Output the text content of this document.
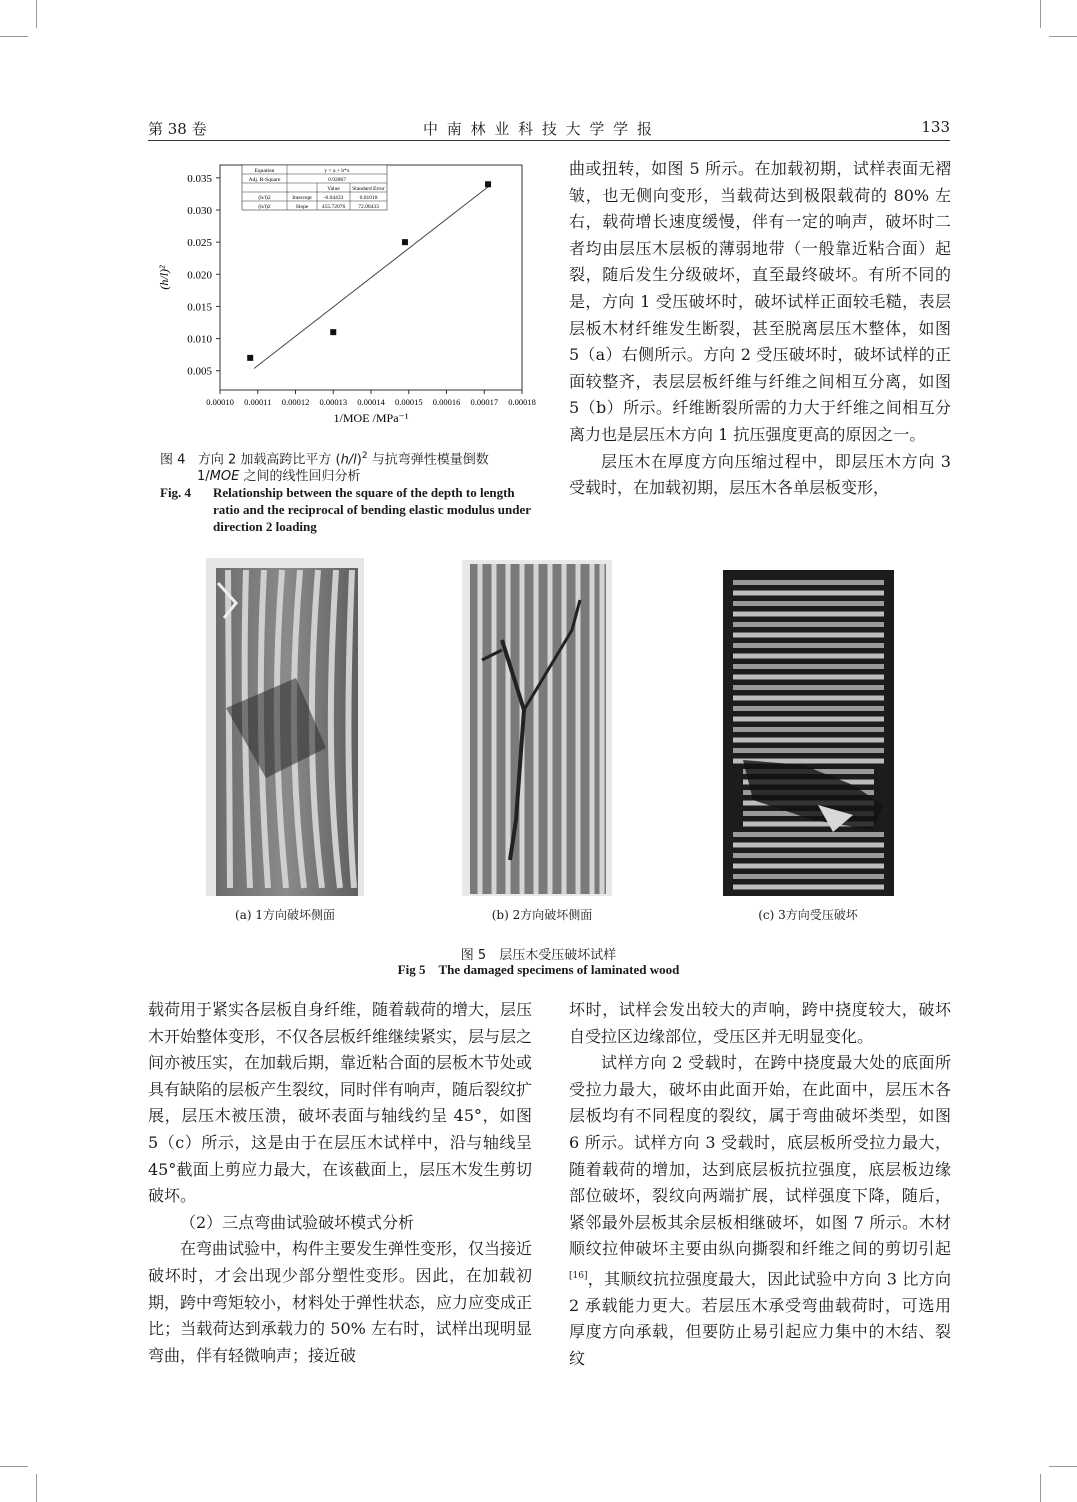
第 38 卷	中 南 林 业 科 技 大 学 学 报	133
0.00010 0.00011 0.00012 0.00013 0.00014 0.00015 0.00016 0.00017 0.00018
0.005
0.010
0.015
0.020
0.025
0.030
0.035
Equation	y = a + b*x
Adj. R-Square	0.92867
Value Standard Error
(h/l)2	Intercept -0.04433	0.01018
(h/l)2	Slope 455.72076 72.00433
1/MOE /MPa⁻¹
(h/l)²
图 4 方向 2 加载高跨比平方 $(h/l)^2$ 与抗弯弹性模量倒数
1/MOE 之间的线性回归分析
Fig. 4 Relationship between the square of the depth to length ratio and the reciprocal of bending elastic modulus under direction 2 loading

曲或扭转，如图 5 所示。在加载初期，试样表面无褶皱，也无侧向变形，当载荷达到极限载荷的 80% 左右，载荷增长速度缓慢，伴有一定的响声，破坏时二者均由层压木层板的薄弱地带（一般靠近粘合面）起裂，随后发生分级破坏，直至最终破坏。有所不同的是，方向 1 受压破坏时，破坏试样正面较毛糙，表层层板木材纤维发生断裂，甚至脱离层压木整体，如图 5（a）右侧所示。方向 2 受压破坏时，破坏试样的正面较整齐，表层层板纤维与纤维之间相互分离，如图 5（b）所示。纤维断裂所需的力大于纤维之间相互分离力也是层压木方向 1 抗压强度更高的原因之一。

层压木在厚度方向压缩过程中，即层压木方向 3 受载时，在加载初期，层压木各单层板变形，

(a) 1方向破坏侧面	(b) 2方向破坏侧面	(c) 3方向受压破坏
图 5　层压木受压破坏试样
Fig 5 The damaged specimens of laminated wood

载荷用于紧实各层板自身纤维，随着载荷的增大，层压木开始整体变形，不仅各层板纤维继续紧实，层与层之间亦被压实，在加载后期，靠近粘合面的层板木节处或具有缺陷的层板产生裂纹，同时伴有响声，随后裂纹扩展，层压木被压溃，破坏表面与轴线约呈 45°，如图 5（c）所示，这是由于在层压木试样中，沿与轴线呈 45°截面上剪应力最大，在该截面上，层压木发生剪切破坏。

（2）三点弯曲试验破坏模式分析

在弯曲试验中，构件主要发生弹性变形，仅当接近破坏时，才会出现少部分塑性变形。因此，在加载初期，跨中弯矩较小，材料处于弹性状态，应力应变成正比；当载荷达到承载力的 50% 左右时，试样出现明显弯曲，伴有轻微响声；接近破

坏时，试样会发出较大的声响，跨中挠度较大，破坏自受拉区边缘部位，受压区并无明显变化。

试样方向 2 受载时，在跨中挠度最大处的底面所受拉力最大，破坏由此面开始，在此面中，层压木各层板均有不同程度的裂纹，属于弯曲破坏类型，如图 6 所示。试样方向 3 受载时，底层板所受拉力最大，随着载荷的增加，达到底层板抗拉强度，底层板边缘部位破坏，裂纹向两端扩展，试样强度下降，随后，紧邻最外层板其余层板相继破坏，如图 7 所示。木材顺纹拉伸破坏主要由纵向撕裂和纤维之间的剪切引起[16]，其顺纹抗拉强度最大，因此试验中方向 3 比方向 2 承载能力更大。若层压木承受弯曲载荷时，可选用厚度方向承载，但要防止易引起应力集中的木结、裂纹
